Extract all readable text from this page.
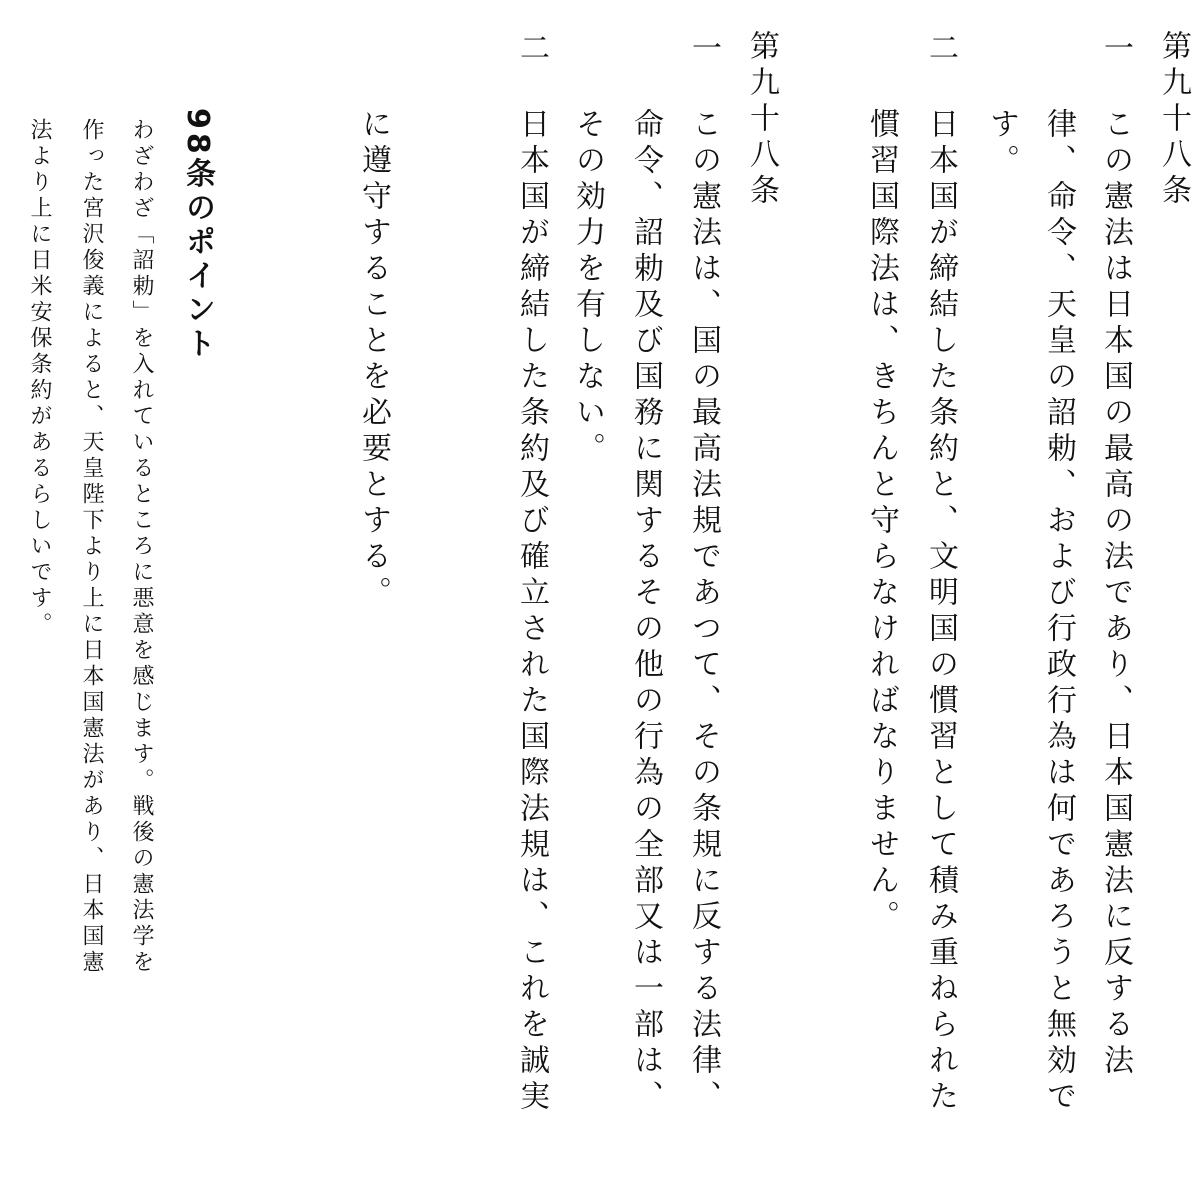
第九十八条

一

この憲法は日本国の最高の法であり、日本国憲法に反する法

律、命令、天皇の詔勅、および行政行為は何であろうと無効で

す。

二

日本国が締結した条約と、文明国の慣習として積み重ねられた

慣習国際法は、きちんと守らなければなりません。

第九十八条

一

この憲法は、国の最高法規であつて、その条規に反する法律、

命令、詔勅及び国務に関するその他の行為の全部又は一部は、

その効力を有しない。

二

日本国が締結した条約及び確立された国際法規は、これを誠実

に遵守することを必要とする。

98条のポイント

わざわざ「詔勅」を入れているところに悪意を感じます。戦後の憲法学を

作った宮沢俊義によると、天皇陛下より上に日本国憲法があり、日本国憲

法より上に日米安保条約があるらしいです。
